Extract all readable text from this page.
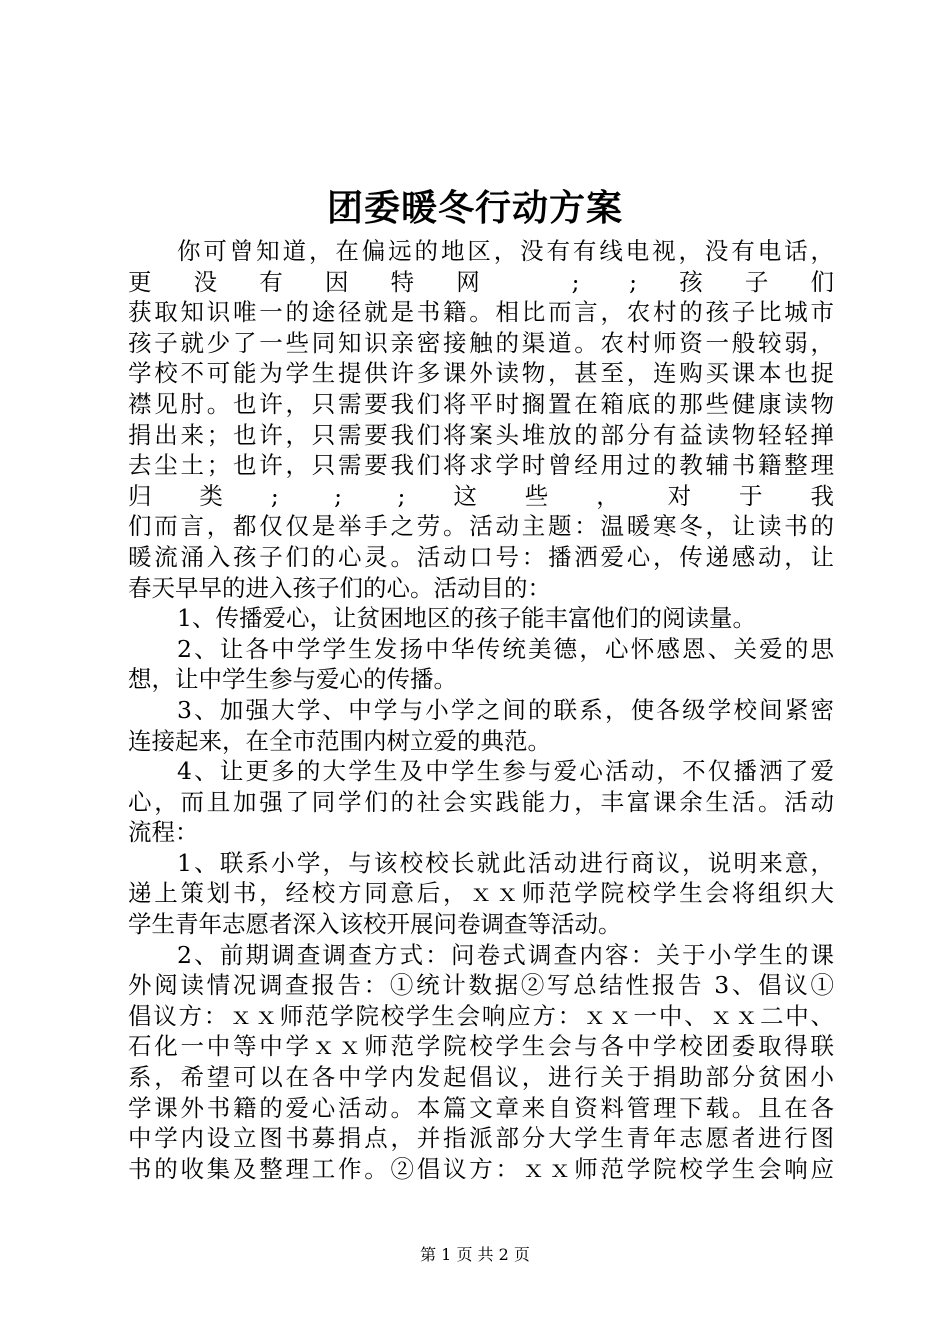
团委暖冬行动方案
你可曾知道，在偏远的地区，没有有线电视，没有电话，
更没有因特网 ; ;孩子们
获取知识唯一的途径就是书籍。相比而言，农村的孩子比城市
孩子就少了一些同知识亲密接触的渠道。农村师资一般较弱，
学校不可能为学生提供许多课外读物，甚至，连购买课本也捉
襟见肘。也许，只需要我们将平时搁置在箱底的那些健康读物
捐出来；也许，只需要我们将案头堆放的部分有益读物轻轻掸
去尘土；也许，只需要我们将求学时曾经用过的教辅书籍整理
归类; ; ;这些，对于我
们而言，都仅仅是举手之劳。活动主题：温暖寒冬，让读书的
暖流涌入孩子们的心灵。活动口号：播洒爱心，传递感动，让
春天早早的进入孩子们的心。活动目的：
1、传播爱心，让贫困地区的孩子能丰富他们的阅读量。
2、让各中学学生发扬中华传统美德，心怀感恩、关爱的思
想，让中学生参与爱心的传播。
3、加强大学、中学与小学之间的联系，使各级学校间紧密
连接起来，在全市范围内树立爱的典范。
4、让更多的大学生及中学生参与爱心活动，不仅播洒了爱
心，而且加强了同学们的社会实践能力，丰富课余生活。活动
流程：
1、联系小学，与该校校长就此活动进行商议，说明来意，
递上策划书，经校方同意后，ｘｘ师范学院校学生会将组织大
学生青年志愿者深入该校开展问卷调查等活动。
2、前期调查调查方式：问卷式调查内容：关于小学生的课
外阅读情况调查报告：①统计数据②写总结性报告 3、倡议①
倡议方：ｘｘ师范学院校学生会响应方：ｘｘ一中、ｘｘ二中、
石化一中等中学ｘｘ师范学院校学生会与各中学校团委取得联
系，希望可以在各中学内发起倡议，进行关于捐助部分贫困小
学课外书籍的爱心活动。本篇文章来自资料管理下载。且在各
中学内设立图书募捐点，并指派部分大学生青年志愿者进行图
书的收集及整理工作。②倡议方：ｘｘ师范学院校学生会响应
第 1 页 共 2 页
